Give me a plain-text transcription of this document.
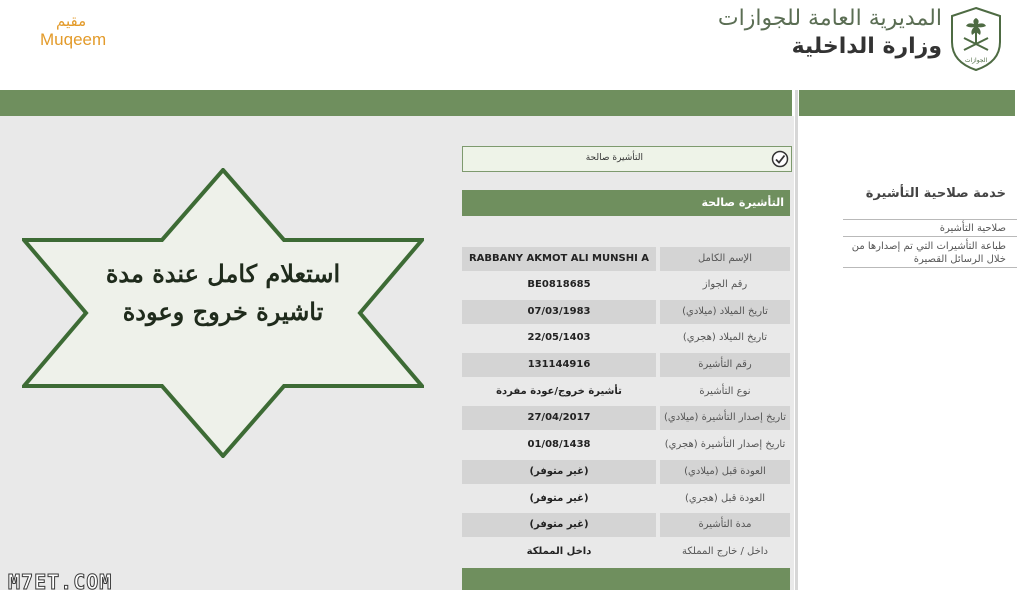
مقيم
Muqeem
المديرية العامة للجوازات
وزارة الداخلية
الجوازات
خدمة صلاحية التأشيرة
صلاحية التأشيرة
طباعة التأشيرات التي تم إصدارها من خلال الرسائل القصيرة
استعلام كامل عندة مدة
تاشيرة خروج وعودة
التأشيرة صالحة
التأشيرة صالحة
الإسم الكامل
RABBANY AKMOT ALI MUNSHI A
رقم الجواز
BE0818685
تاريخ الميلاد (ميلادي)
07/03/1983
تاريخ الميلاد (هجري)
22/05/1403
رقم التأشيرة
131144916
نوع التأشيرة
تأشيرة خروج/عودة مفردة
تاريخ إصدار التأشيرة (ميلادي)
27/04/2017
تاريخ إصدار التأشيرة (هجري)
01/08/1438
العودة قبل (ميلادي)
(غير متوفر)
العودة قبل (هجري)
(غير متوفر)
مدة التأشيرة
(غير متوفر)
داخل / خارج المملكة
داخل المملكة
M7ET.COM
